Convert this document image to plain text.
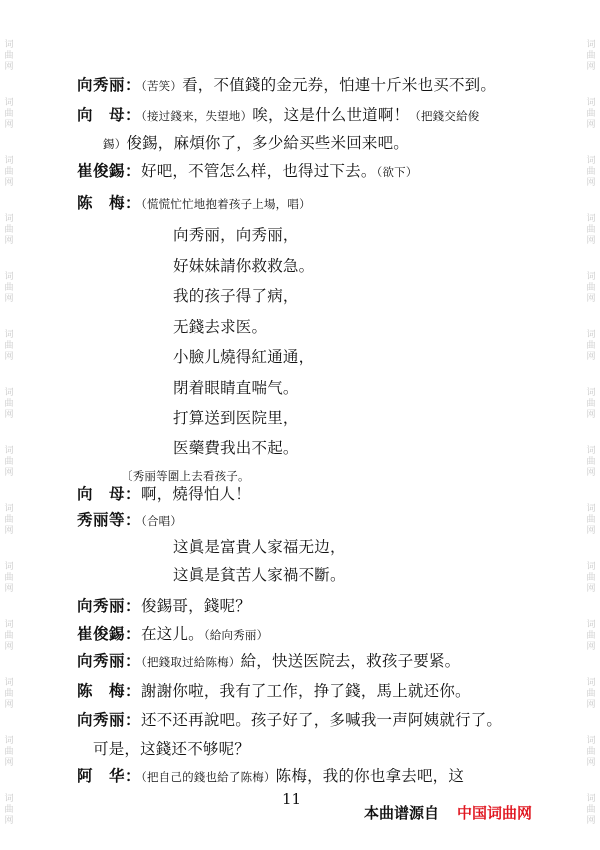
词
曲
网
词
曲
网
词
曲
网
词
曲
网
词
曲
网
词
曲
网
词
曲
网
词
曲
网
词
曲
网
词
曲
网
词
曲
网
词
曲
网
词
曲
网
词
曲
网
词
曲
网
词
曲
网
词
曲
网
词
曲
网
词
曲
网
词
曲
网
词
曲
网
词
曲
网
词
曲
网
词
曲
网
词
曲
网
词
曲
网
词
曲
网
词
曲
网
向秀丽：（苦笑）看，不值錢的金元券，怕連十斤米也买不到。
向　母：（接过錢来，失望地）唉，这是什么世道啊！（把錢交給俊
錫）俊錫，麻煩你了，多少給买些米回来吧。
崔俊錫：好吧，不管怎么样，也得过下去。（欲下）
陈　梅：（慌慌忙忙地抱着孩子上場，唱）
向秀丽，向秀丽，
好妹妹請你救救急。
我的孩子得了病，
无錢去求医。
小臉儿燒得紅通通，
閉着眼睛直喘气。
打算送到医院里，
医藥費我出不起。
〔秀丽等圍上去看孩子。
向　母：啊，燒得怕人！
秀丽等：（合唱）
这眞是富貴人家福无边，
这眞是貧苦人家禍不斷。
向秀丽：俊錫哥，錢呢？
崔俊錫：在这儿。（給向秀丽）
向秀丽：（把錢取过給陈梅）給，快送医院去，救孩子要紧。
陈　梅：謝謝你啦，我有了工作，挣了錢，馬上就还你。
向秀丽：还不还再說吧。孩子好了，多喊我一声阿姨就行了。
可是，这錢还不够呢？
阿　华：（把自己的錢也給了陈梅）陈梅，我的你也拿去吧，这
11
本曲谱源自 中国词曲网
